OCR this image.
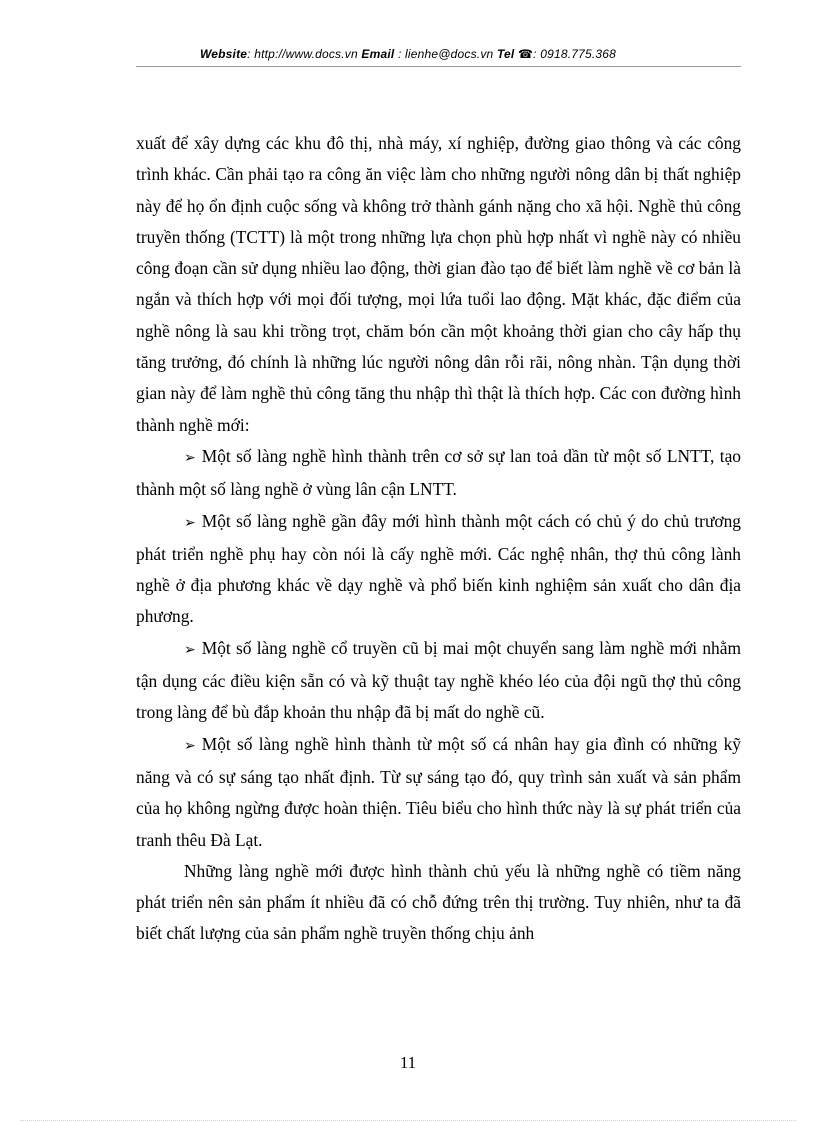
Website: http://www.docs.vn Email : lienhe@docs.vn Tel ☎: 0918.775.368

xuất để xây dựng các khu đô thị, nhà máy, xí nghiệp, đường giao thông và các công trình khác. Cần phải tạo ra công ăn việc làm cho những người nông dân bị thất nghiệp này để họ ổn định cuộc sống và không trở thành gánh nặng cho xã hội. Nghề thủ công truyền thống (TCTT) là một trong những lựa chọn phù hợp nhất vì nghề này có nhiều công đoạn cần sử dụng nhiều lao động, thời gian đào tạo để biết làm nghề về cơ bản là ngắn và thích hợp với mọi đối tượng, mọi lứa tuổi lao động. Mặt khác, đặc điểm của nghề nông là sau khi trồng trọt, chăm bón cần một khoảng thời gian cho cây hấp thụ tăng trưởng, đó chính là những lúc người nông dân rỗi rãi, nông nhàn. Tận dụng thời gian này để làm nghề thủ công tăng thu nhập thì thật là thích hợp. Các con đường hình thành nghề mới:

➢ Một số làng nghề hình thành trên cơ sở sự lan toả dần từ một số LNTT, tạo thành một số làng nghề ở vùng lân cận LNTT.

➢ Một số làng nghề gần đây mới hình thành một cách có chủ ý do chủ trương phát triển nghề phụ hay còn nói là cấy nghề mới. Các nghệ nhân, thợ thủ công lành nghề ở địa phương khác về dạy nghề và phổ biến kinh nghiệm sản xuất cho dân địa phương.

➢ Một số làng nghề cổ truyền cũ bị mai một chuyển sang làm nghề mới nhằm tận dụng các điều kiện sẵn có và kỹ thuật tay nghề khéo léo của đội ngũ thợ thủ công trong làng để bù đắp khoản thu nhập đã bị mất do nghề cũ.

➢ Một số làng nghề hình thành từ một số cá nhân hay gia đình có những kỹ năng và có sự sáng tạo nhất định. Từ sự sáng tạo đó, quy trình sản xuất và sản phẩm của họ không ngừng được hoàn thiện. Tiêu biểu cho hình thức này là sự phát triển của tranh thêu Đà Lạt.

Những làng nghề mới được hình thành chủ yếu là những nghề có tiềm năng phát triển nên sản phẩm ít nhiều đã có chỗ đứng trên thị trường. Tuy nhiên, như ta đã biết chất lượng của sản phẩm nghề truyền thống chịu ảnh

11
